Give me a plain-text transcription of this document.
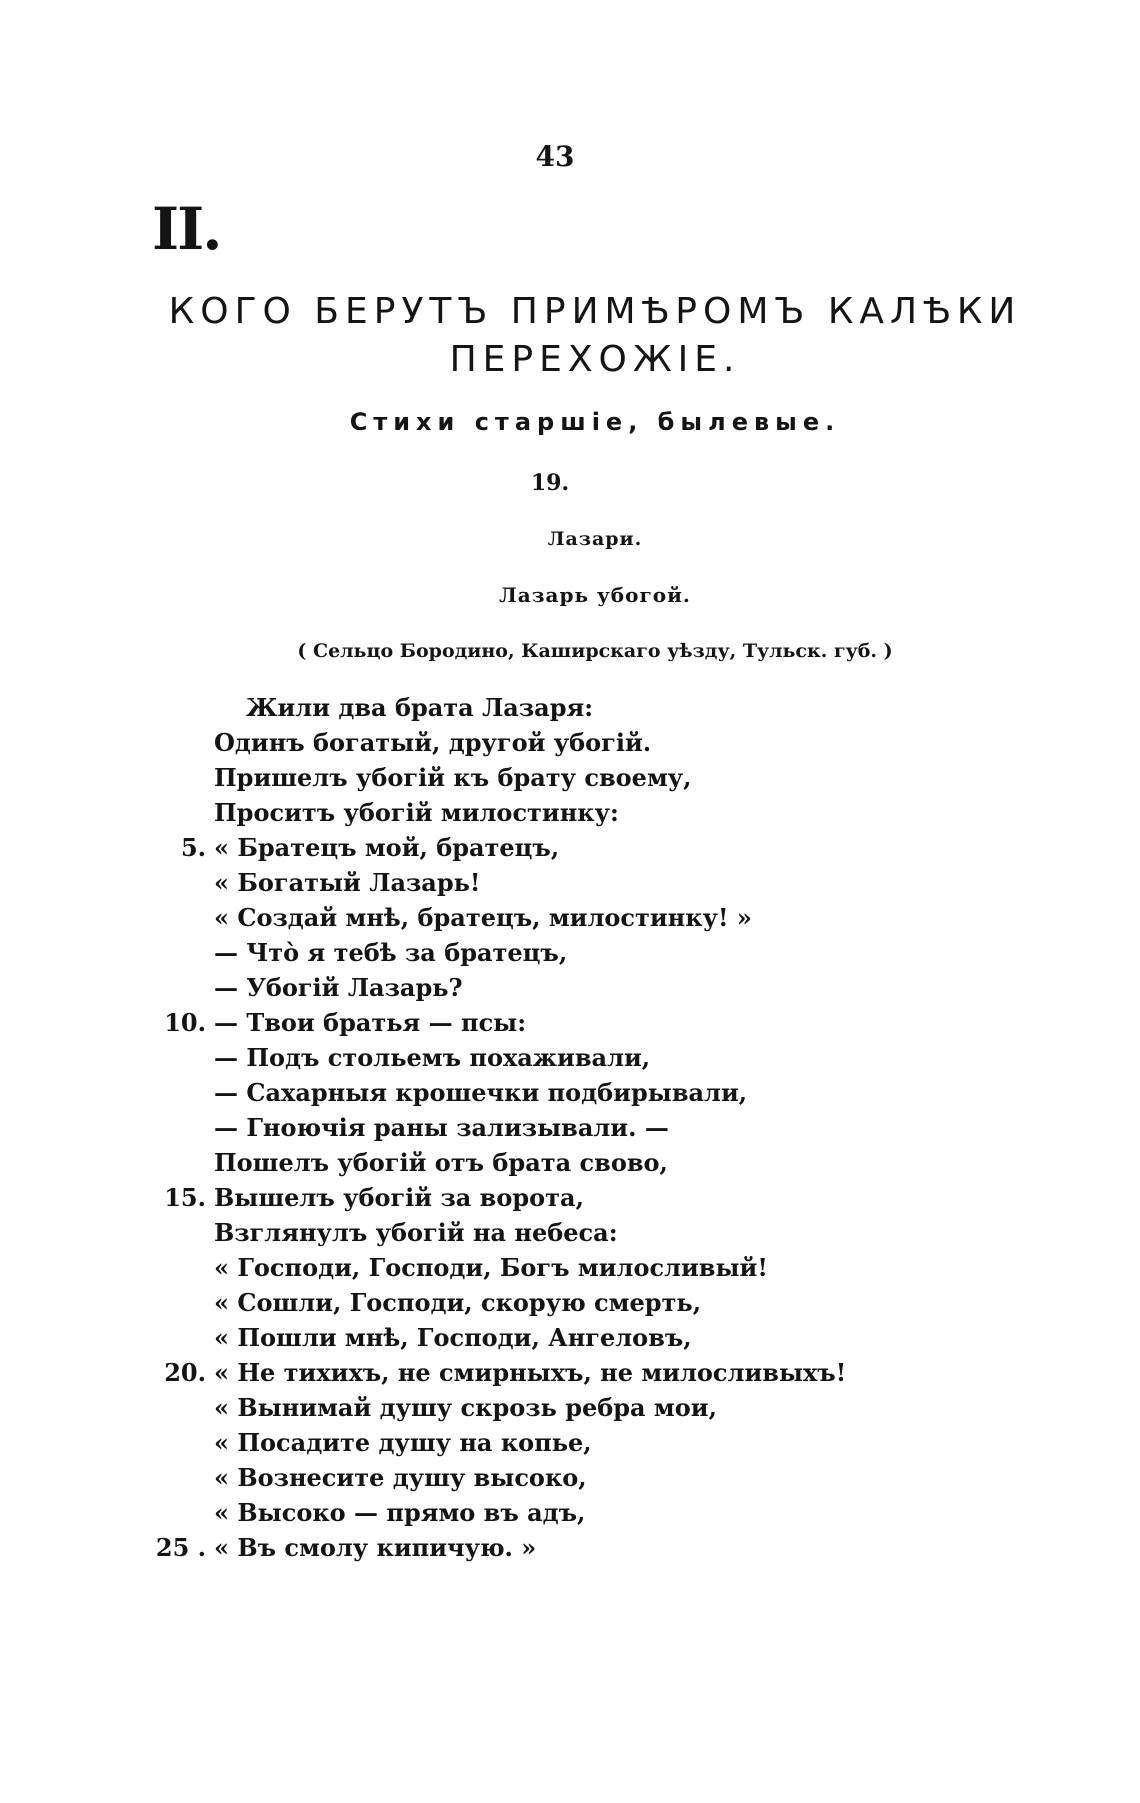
43
II.
КОГО БЕРУТЪ ПРИМѢРОМЪ КАЛѢКИ
ПЕРЕХОЖІЕ.
Стихи старшіе, былевые.
19.
Лазари.
Лазарь убогой.
( Сельцо Бородино, Каширскаго уѣзду, Тульск. губ. )
Жили два брата Лазаря:
Одинъ богатый, другой убогій.
Пришелъ убогій къ брату своему,
Проситъ убогій милостинку:
5. « Братецъ мой, братецъ,
« Богатый Лазарь!
« Создай мнѣ, братецъ, милостинку! »
— Что̀ я тебѣ за братецъ,
— Убогій Лазарь?
10. — Твои братья — псы:
— Подъ стольемъ похаживали,
— Сахарныя крошечки подбирывали,
— Гноючія раны зализывали. —
Пошелъ убогій отъ брата свово,
15. Вышелъ убогій за ворота,
Взглянулъ убогій на небеса:
« Господи, Господи, Богъ милосливый!
« Сошли, Господи, скорую смерть,
« Пошли мнѣ, Господи, Ангеловъ,
20. « Не тихихъ, не смирныхъ, не милосливыхъ!
« Вынимай душу скрозь ребра мои,
« Посадите душу на копье,
« Вознесите душу высоко,
« Высоко — прямо въ адъ,
25 . « Въ смолу кипичую. »
